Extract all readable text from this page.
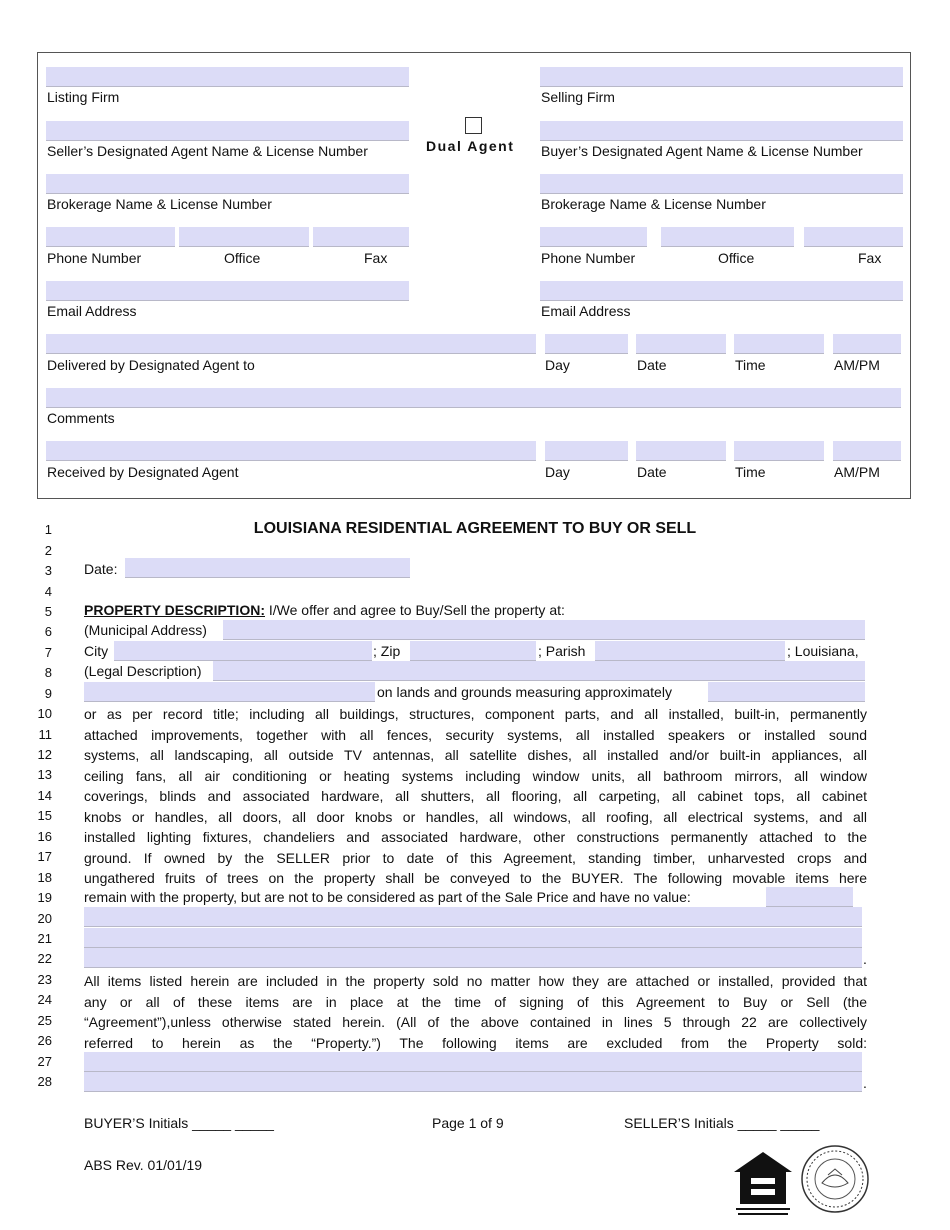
Listing Firm
Seller’s Designated Agent Name & License Number
Brokerage Name & License Number
Phone Number	Office	Fax
Email Address
Dual Agent
Selling Firm
Buyer’s Designated Agent Name & License Number
Brokerage Name & License Number
Phone Number	Office	Fax
Email Address
Delivered by Designated Agent to	Day	Date	Time	AM/PM
Comments
Received by Designated Agent	Day	Date	Time	AM/PM
1
2
3
4
5
6
7
8
9
10
11
12
13
14
15
16
17
18
19
20
21
22
23
24
25
26
27
28
LOUISIANA RESIDENTIAL AGREEMENT TO BUY OR SELL
Date:
PROPERTY DESCRIPTION: I/We offer and agree to Buy/Sell the property at:
(Municipal Address)
City	; Zip	; Parish	; Louisiana,
(Legal Description)
on lands and grounds measuring approximately
or as per record title; including all buildings, structures, component parts, and all installed, built-in, permanently
attached improvements, together with all fences, security systems, all installed speakers or installed sound
systems, all landscaping, all outside TV antennas, all satellite dishes, all installed and/or built-in appliances, all
ceiling fans, all air conditioning or heating systems including window units, all bathroom mirrors, all window
coverings, blinds and associated hardware, all shutters, all flooring, all carpeting, all cabinet tops, all cabinet
knobs or handles, all doors, all door knobs or handles, all windows, all roofing, all electrical systems, and all
installed lighting fixtures, chandeliers and associated hardware, other constructions permanently attached to the
ground. If owned by the SELLER prior to date of this Agreement, standing timber, unharvested crops and
ungathered fruits of trees on the property shall be conveyed to the BUYER. The following movable items here
remain with the property, but are not to be considered as part of the Sale Price and have no value:
.
All items listed herein are included in the property sold no matter how they are attached or installed, provided that
any or all of these items are in place at the time of signing of this Agreement to Buy or Sell (the
“Agreement”),unless otherwise stated herein. (All of the above contained in lines 5 through 22 are collectively
referred to herein as the “Property.”) The following items are excluded from the Property sold:
.
BUYER’S Initials _____ _____	Page 1 of 9	SELLER’S Initials _____ _____
ABS Rev. 01/01/19
